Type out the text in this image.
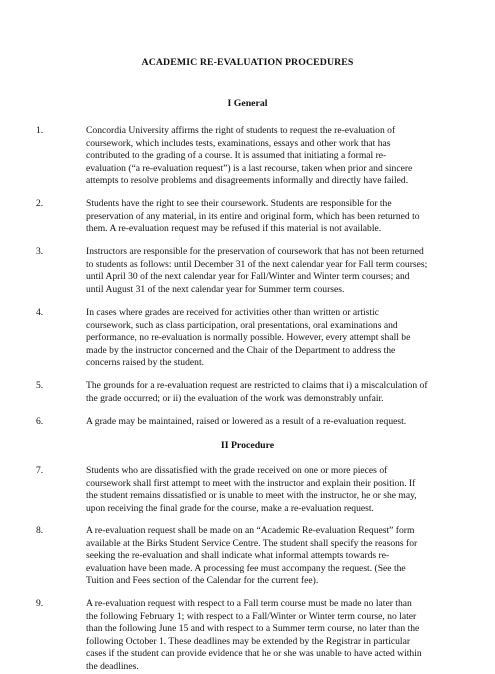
ACADEMIC RE-EVALUATION PROCEDURES
I General
1.	Concordia University affirms the right of students to request the re-evaluation of
coursework, which includes tests, examinations, essays and other work that has
contributed to the grading of a course. It is assumed that initiating a formal re-
evaluation (“a re-evaluation request”) is a last recourse, taken when prior and sincere
attempts to resolve problems and disagreements informally and directly have failed.
2.	Students have the right to see their coursework. Students are responsible for the
preservation of any material, in its entire and original form, which has been returned to
them. A re-evaluation request may be refused if this material is not available.
3.	Instructors are responsible for the preservation of coursework that has not been returned
to students as follows: until December 31 of the next calendar year for Fall term courses;
until April 30 of the next calendar year for Fall/Winter and Winter term courses; and
until August 31 of the next calendar year for Summer term courses.
4.	In cases where grades are received for activities other than written or artistic
coursework, such as class participation, oral presentations, oral examinations and
performance, no re-evaluation is normally possible. However, every attempt shall be
made by the instructor concerned and the Chair of the Department to address the
concerns raised by the student.
5.	The grounds for a re-evaluation request are restricted to claims that i) a miscalculation of
the grade occurred; or ii) the evaluation of the work was demonstrably unfair.
6.	A grade may be maintained, raised or lowered as a result of a re-evaluation request.
II Procedure
7.	Students who are dissatisfied with the grade received on one or more pieces of
coursework shall first attempt to meet with the instructor and explain their position. If
the student remains dissatisfied or is unable to meet with the instructor, he or she may,
upon receiving the final grade for the course, make a re-evaluation request.
8.	A re-evaluation request shall be made on an “Academic Re-evaluation Request” form
available at the Birks Student Service Centre. The student shall specify the reasons for
seeking the re-evaluation and shall indicate what informal attempts towards re-
evaluation have been made. A processing fee must accompany the request. (See the
Tuition and Fees section of the Calendar for the current fee).
9.	A re-evaluation request with respect to a Fall term course must be made no later than
the following February 1; with respect to a Fall/Winter or Winter term course, no later
than the following June 15 and with respect to a Summer term course, no later than the
following October 1. These deadlines may be extended by the Registrar in particular
cases if the student can provide evidence that he or she was unable to have acted within
the deadlines.
